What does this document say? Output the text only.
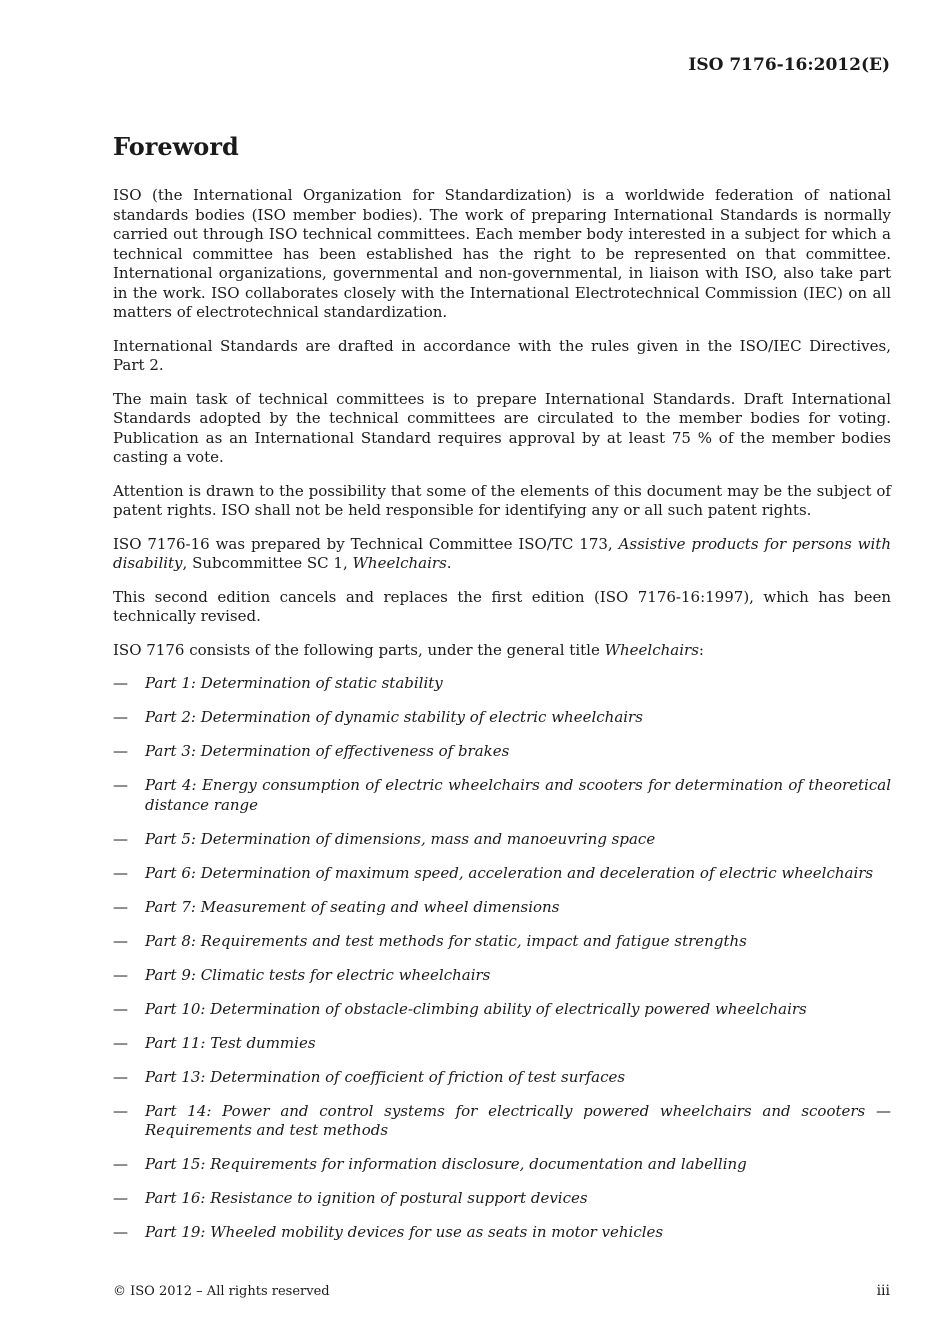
ISO 7176-16:2012(E)
Foreword

ISO (the International Organization for Standardization) is a worldwide federation of national standards bodies (ISO member bodies). The work of preparing International Standards is normally carried out through ISO technical committees. Each member body interested in a subject for which a technical committee has been established has the right to be represented on that committee. International organizations, governmental and non-governmental, in liaison with ISO, also take part in the work. ISO collaborates closely with the International Electrotechnical Commission (IEC) on all matters of electrotechnical standardization.

International Standards are drafted in accordance with the rules given in the ISO/IEC Directives, Part 2.

The main task of technical committees is to prepare International Standards. Draft International Standards adopted by the technical committees are circulated to the member bodies for voting. Publication as an International Standard requires approval by at least 75 % of the member bodies casting a vote.

Attention is drawn to the possibility that some of the elements of this document may be the subject of patent rights. ISO shall not be held responsible for identifying any or all such patent rights.

ISO 7176-16 was prepared by Technical Committee ISO/TC 173, Assistive products for persons with disability, Subcommittee SC 1, Wheelchairs.

This second edition cancels and replaces the first edition (ISO 7176-16:1997), which has been technically revised.

ISO 7176 consists of the following parts, under the general title Wheelchairs:

— Part 1: Determination of static stability
— Part 2: Determination of dynamic stability of electric wheelchairs
— Part 3: Determination of effectiveness of brakes
— Part 4: Energy consumption of electric wheelchairs and scooters for determination of theoretical distance range
— Part 5: Determination of dimensions, mass and manoeuvring space
— Part 6: Determination of maximum speed, acceleration and deceleration of electric wheelchairs
— Part 7: Measurement of seating and wheel dimensions
— Part 8: Requirements and test methods for static, impact and fatigue strengths
— Part 9: Climatic tests for electric wheelchairs
— Part 10: Determination of obstacle-climbing ability of electrically powered wheelchairs
— Part 11: Test dummies
— Part 13: Determination of coefficient of friction of test surfaces
— Part 14: Power and control systems for electrically powered wheelchairs and scooters — Requirements and test methods
— Part 15: Requirements for information disclosure, documentation and labelling
— Part 16: Resistance to ignition of postural support devices
— Part 19: Wheeled mobility devices for use as seats in motor vehicles
© ISO 2012 – All rights reserved	iii
